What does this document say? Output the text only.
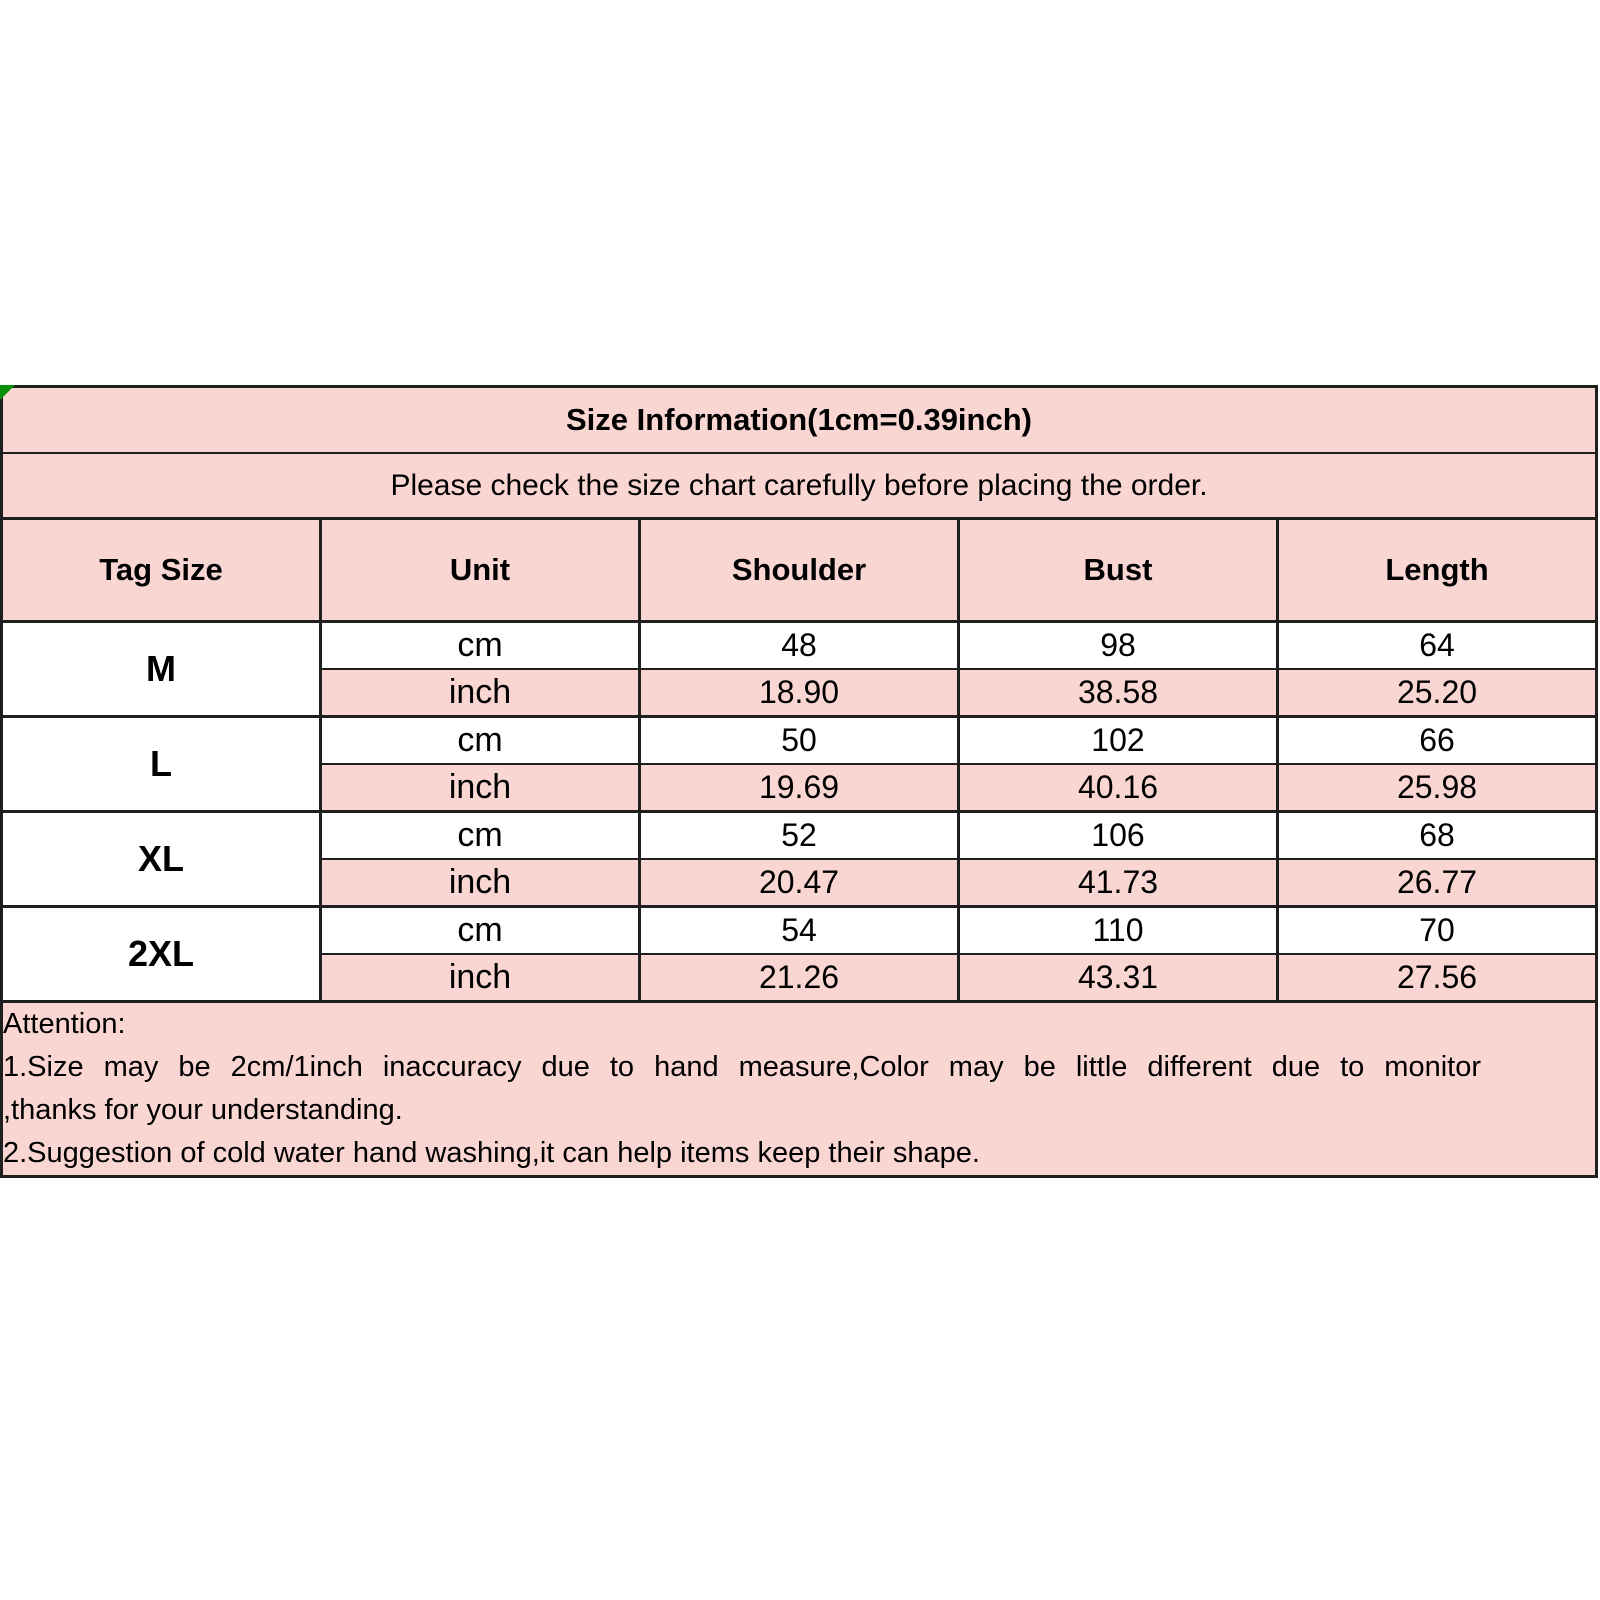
Size Information(1cm=0.39inch)				
Please check the size chart carefully before placing the order.				
Tag Size	Unit	Shoulder	Bust	Length
M	cm	48	98	64
	inch	18.90	38.58	25.20
L	cm	50	102	66
	inch	19.69	40.16	25.98
XL	cm	52	106	68
	inch	20.47	41.73	26.77
2XL	cm	54	110	70
	inch	21.26	43.31	27.56

Attention:
1.Size may be 2cm/1inch inaccuracy due to hand measure,Color may be little different due to monitor
,thanks for your understanding.
2.Suggestion of cold water hand washing,it can help items keep their shape.				
